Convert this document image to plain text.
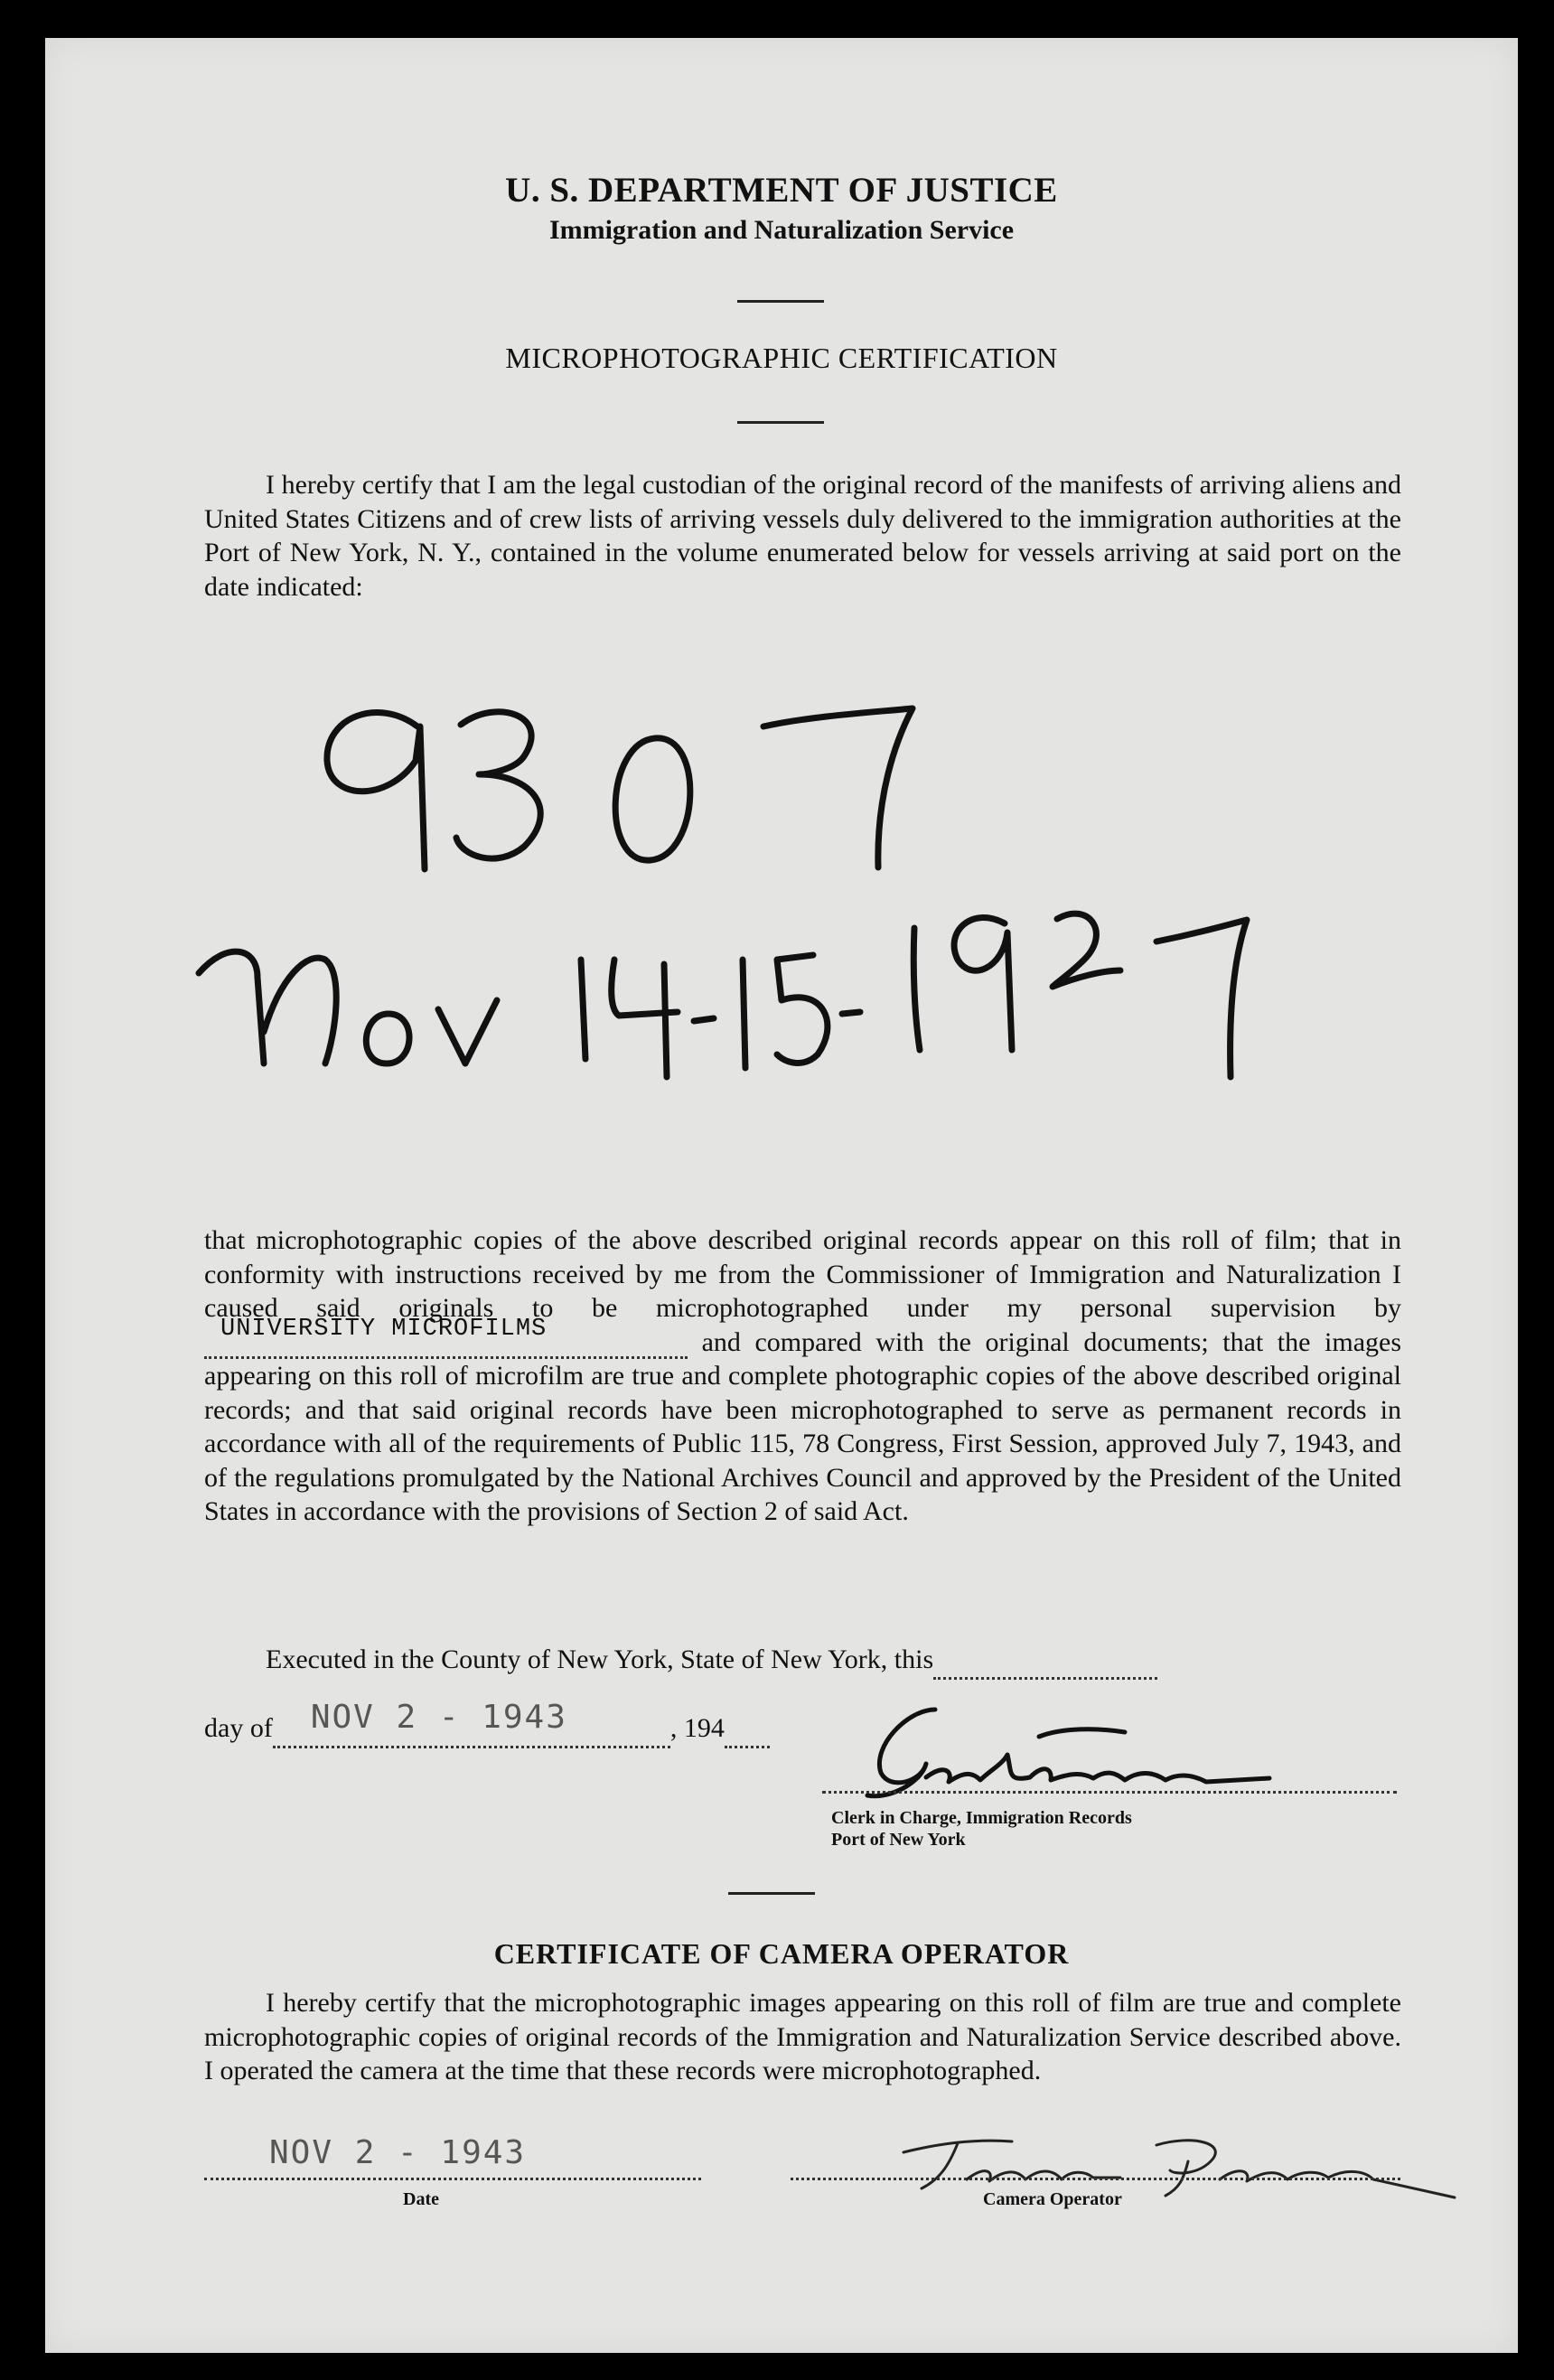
U. S. DEPARTMENT OF JUSTICE
Immigration and Naturalization Service
MICROPHOTOGRAPHIC CERTIFICATION
I hereby certify that I am the legal custodian of the original record of the manifests of arriving aliens and United States Citizens and of crew lists of arriving vessels duly delivered to the immigration authorities at the Port of New York, N. Y., contained in the volume enumerated below for vessels arriving at said port on the date indicated:
that microphotographic copies of the above described original records appear on this roll of film; that in conformity with instructions received by me from the Commissioner of Immigration and Naturalization I caused said originals to be microphotographed under my personal supervision by
UNIVERSITY MICROFILMS	and compared with the original documents; that the images appearing on this roll of microfilm are true and complete photographic copies of the above described original records; and that said original records have been microphotographed to serve as permanent records in accordance with all of the requirements of Public 115, 78 Congress, First Session, approved July 7, 1943, and of the regulations promulgated by the National Archives Council and approved by the President of the United States in accordance with the provisions of Section 2 of said Act.
Executed in the County of New York, State of New York, this
day of NOV 2 - 1943	, 194
Clerk in Charge, Immigration Records
Port of New York
CERTIFICATE OF CAMERA OPERATOR
I hereby certify that the microphotographic images appearing on this roll of film are true and complete microphotographic copies of original records of the Immigration and Naturalization Service described above. I operated the camera at the time that these records were microphotographed.
NOV 2 - 1943
Date	Camera Operator
